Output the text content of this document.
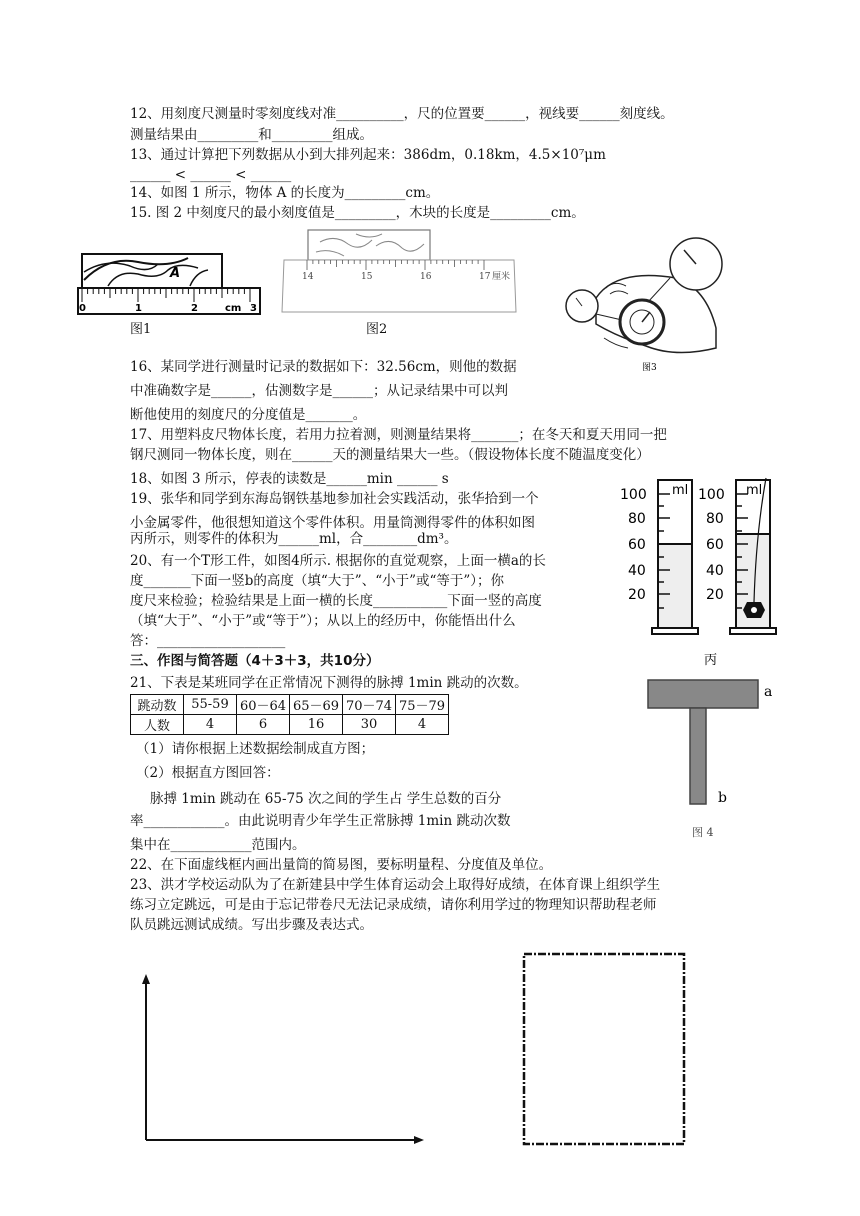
12、用刻度尺测量时零刻度线对准__________，尺的位置要______，视线要______刻度线。
测量结果由_________和_________组成。
13、通过计算把下列数据从小到大排列起来：386dm，0.18km，4.5×10⁷μm
______ < ______ < ______
14、如图 1 所示，物体 A 的长度为_________cm。
15. 图 2 中刻度尺的最小刻度值是_________，木块的长度是_________cm。
A
0	1	2	cm 3
图1
14	15	16	17 厘米
图2
图3
16、某同学进行测量时记录的数据如下：32.56cm，则他的数据
中准确数字是______，估测数字是______；从记录结果中可以判
断他使用的刻度尺的分度值是_______。
17、用塑料皮尺物体长度，若用力拉着测，则测量结果将_______；在冬天和夏天用同一把
钢尺测同一物体长度，则在______天的测量结果大一些。（假设物体长度不随温度变化）
18、如图 3 所示，停表的读数是______min ______ s
19、张华和同学到东海岛钢铁基地参加社会实践活动，张华拾到一个
小金属零件，他很想知道这个零件体积。用量筒测得零件的体积如图
丙所示，则零件的体积为______ml，合________dm³。
20、有一个T形工件，如图4所示. 根据你的直觉观察，上面一横a的长
度_______下面一竖b的高度（填“大于”、“小于”或“等于”）；你
度尺来检验；检验结果是上面一横的长度___________下面一竖的高度
（填“大于”、“小于”或“等于”）；从以上的经历中，你能悟出什么
答：___________________
100
80
60
40
20
ml 100
80
60
40
20
ml
丙
三、作图与简答题（4＋3＋3，共10分）
21、下表是某班同学在正常情况下测得的脉搏 1min 跳动的次数。
跳动数	55-59	60－64	65－69	70－74	75－79
人数	4	6	16	30	4
（1）请你根据上述数据绘制成直方图；
（2）根据直方图回答：
脉搏 1min 跳动在 65-75 次之间的学生占 学生总数的百分
率____________。由此说明青少年学生正常脉搏 1min 跳动次数
集中在____________范围内。
a
b
图 4
22、在下面虚线框内画出量筒的简易图，要标明量程、分度值及单位。
23、洪才学校运动队为了在新建县中学生体育运动会上取得好成绩，在体育课上组织学生
练习立定跳远，可是由于忘记带卷尺无法记录成绩，请你利用学过的物理知识帮助程老师
队员跳远测试成绩。写出步骤及表达式。
